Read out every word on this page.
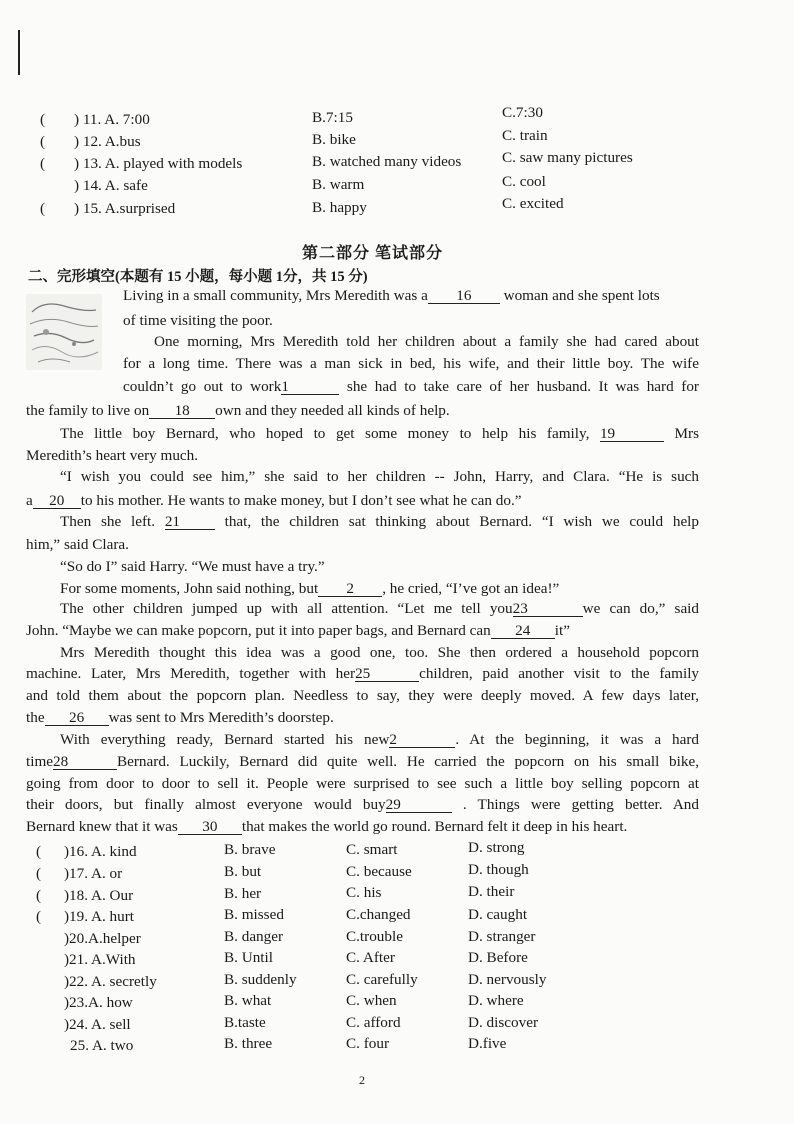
( ) 11. A. 7:00	B.7:15	C.7:30
( ) 12. A.bus	B. bike	C. train
( ) 13. A. played with models	B. watched many videos	C. saw many pictures
) 14. A. safe	B. warm	C. cool
( ) 15. A.surprised	B. happy	C. excited
第二部分 笔试部分
二、完形填空(本题有 15 小题，每小题 1分，共 15 分)
Living in a small community, Mrs Meredith was a 16 woman and she spent lots
of time visiting the poor.
One morning, Mrs Meredith told her children about a family she had cared about
for a long time. There was a man sick in bed, his wife, and their little boy. The wife
couldn’t go out to work1	she had to take care of her husband. It was hard for
the family to live on 18 own and they needed all kinds of help.
The little boy Bernard, who hoped to get some money to help his family, 19	Mrs
Meredith’s heart very much.
“I wish you could see him,” she said to her children -- John, Harry, and Clara. “He is such
a 20 to his mother. He wants to make money, but I don’t see what he can do.”
Then she left. 21	that, the children sat thinking about Bernard. “I wish we could help
him,” said Clara.
“So do I” said Harry. “We must have a try.”
For some moments, John said nothing, but 2 , he cried, “I’ve got an idea!”
The other children jumped up with all attention. “Let me tell you23	we can do,” said
John. “Maybe we can make popcorn, put it into paper bags, and Bernard can 24 it”
Mrs Meredith thought this idea was a good one, too. She then ordered a household popcorn
machine. Later, Mrs Meredith, together with her25	children, paid another visit to the family
and told them about the popcorn plan. Needless to say, they were deeply moved. A few days later,
the 26 was sent to Mrs Meredith’s doorstep.
With everything ready, Bernard started his new2	. At the beginning, it was a hard
time28	Bernard. Luckily, Bernard did quite well. He carried the popcorn on his small bike,
going from door to door to sell it. People were surprised to see such a little boy selling popcorn at
their doors, but finally almost everyone would buy29	. Things were getting better. And
Bernard knew that it was 30 that makes the world go round. Bernard felt it deep in his heart.
( )16. A. kind	B. brave	C. smart	D. strong
( )17. A. or	B. but	C. because	D. though
( )18. A. Our	B. her	C. his	D. their
( )19. A. hurt	B. missed	C.changed	D. caught
)20.A.helper	B. danger	C.trouble	D. stranger
)21. A.With	B. Until	C. After	D. Before
)22. A. secretly	B. suddenly	C. carefully	D. nervously
)23.A. how	B. what	C. when	D. where
)24. A. sell	B.taste	C. afford	D. discover
25. A. two	B. three	C. four	D.five
2
